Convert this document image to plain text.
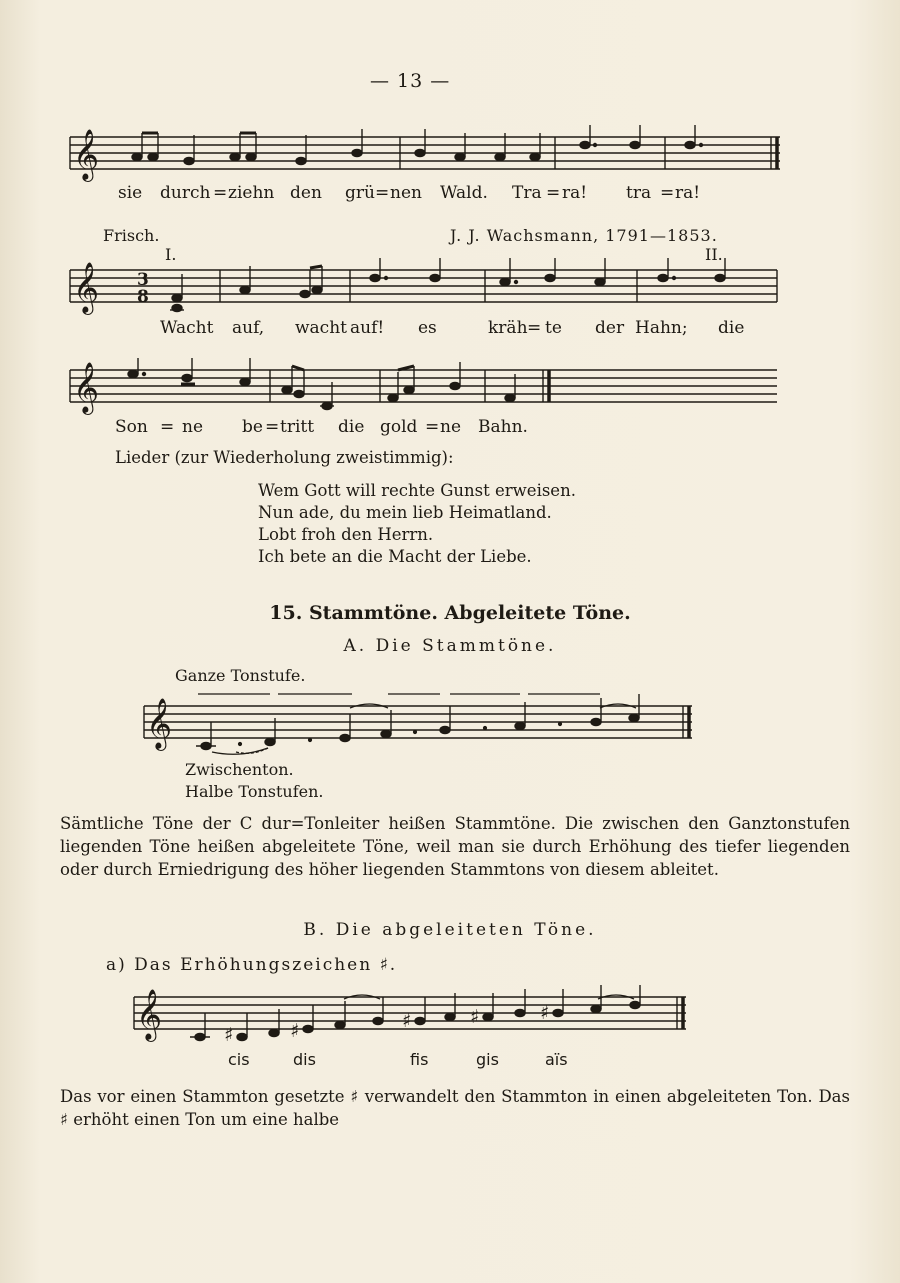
— 13 —
𝄞
sie durch = ziehn den grü = nen Wald. Tra = ra! tra = ra!
Frisch.	J. J. Wachsmann, 1791—1853.
I.	II.
𝄞 3
8
Wacht auf, wacht auf! es	kräh = te der Hahn; die
𝄞
Son = ne be = tritt die gold = ne Bahn.
Lieder (zur Wiederholung zweistimmig):
Wem Gott will rechte Gunst erweisen.
Nun ade, du mein lieb Heimatland.
Lobt froh den Herrn.
Ich bete an die Macht der Liebe.
15. Stammtöne. Abgeleitete Töne.
A. Die Stammtöne.
Ganze Tonstufe.
𝄞
Zwischenton.
Halbe Tonstufen.
Sämtliche Töne der C dur=Tonleiter heißen Stammtöne. Die zwischen den Ganztonstufen liegenden Töne heißen abgeleitete Töne, weil man sie durch Erhöhung des tiefer liegenden oder durch Erniedrigung des höher liegenden Stammtons von diesem ableitet.
B. Die abgeleiteten Töne.
a) Das Erhöhungszeichen ♯.
𝄞	♯	♯	♯	♯	♯
cis	dis	fis	gis	aïs
Das vor einen Stammton gesetzte ♯ verwandelt den Stammton in einen abgeleiteten Ton. Das ♯ erhöht einen Ton um eine halbe
